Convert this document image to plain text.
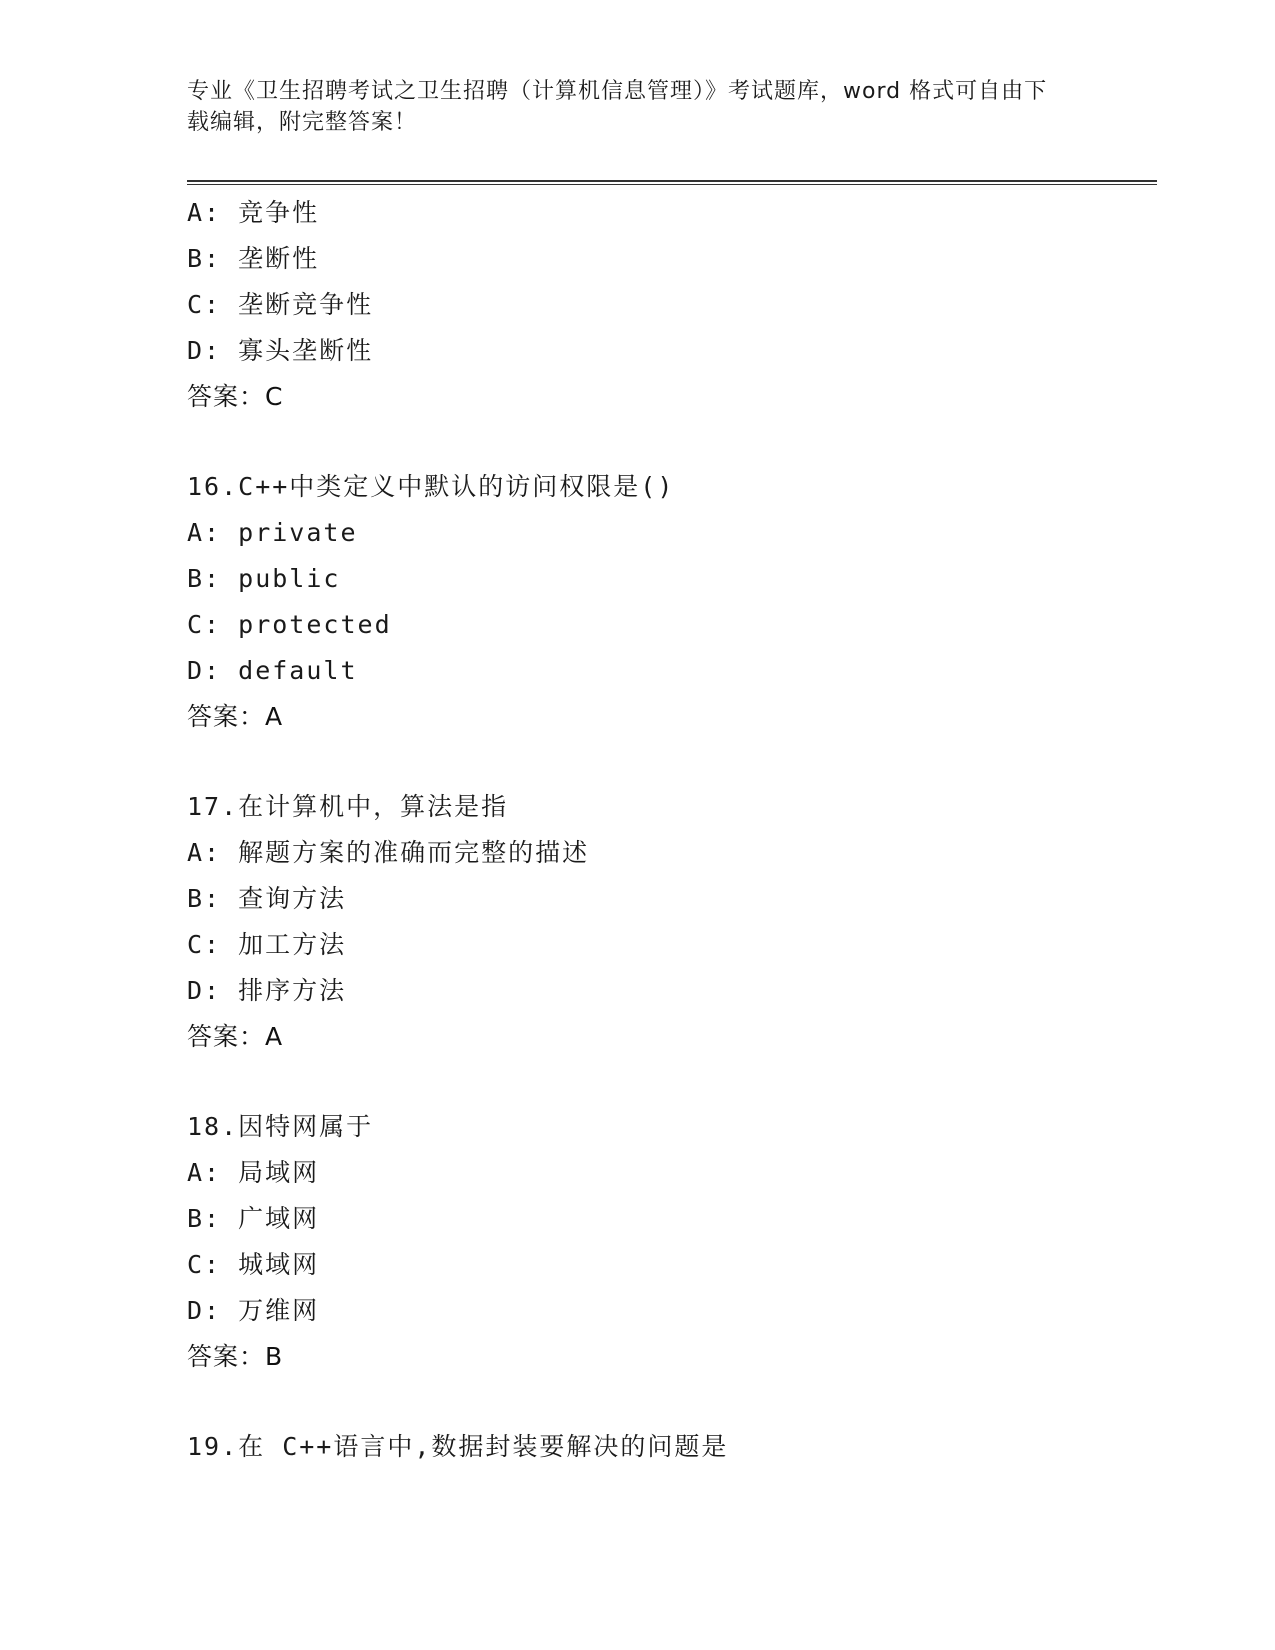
专业《卫生招聘考试之卫生招聘（计算机信息管理）》考试题库，word 格式可自由下载编辑，附完整答案！
A: 竞争性
B: 垄断性
C: 垄断竞争性
D: 寡头垄断性
答案：C
16.C++中类定义中默认的访问权限是()
A: private
B: public
C: protected
D: default
答案：A
17.在计算机中，算法是指
A: 解题方案的准确而完整的描述
B: 查询方法
C: 加工方法
D: 排序方法
答案：A
18.因特网属于
A: 局域网
B: 广域网
C: 城域网
D: 万维网
答案：B
19.在 C++语言中,数据封装要解决的问题是
